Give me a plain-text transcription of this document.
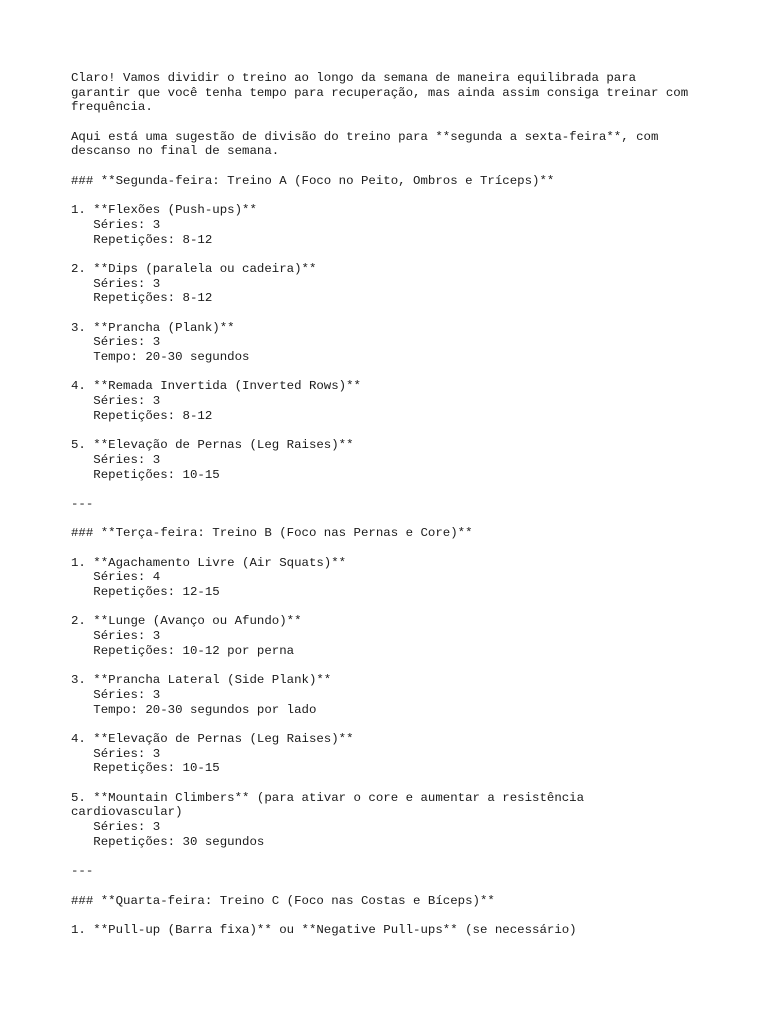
Claro! Vamos dividir o treino ao longo da semana de maneira equilibrada para
garantir que você tenha tempo para recuperação, mas ainda assim consiga treinar com
frequência.
Aqui está uma sugestão de divisão do treino para **segunda a sexta-feira**, com
descanso no final de semana.
### **Segunda-feira: Treino A (Foco no Peito, Ombros e Tríceps)**
1. **Flexões (Push-ups)**
Séries: 3
Repetições: 8-12
2. **Dips (paralela ou cadeira)**
Séries: 3
Repetições: 8-12
3. **Prancha (Plank)**
Séries: 3
Tempo: 20-30 segundos
4. **Remada Invertida (Inverted Rows)**
Séries: 3
Repetições: 8-12
5. **Elevação de Pernas (Leg Raises)**
Séries: 3
Repetições: 10-15
---
### **Terça-feira: Treino B (Foco nas Pernas e Core)**
1. **Agachamento Livre (Air Squats)**
Séries: 4
Repetições: 12-15
2. **Lunge (Avanço ou Afundo)**
Séries: 3
Repetições: 10-12 por perna
3. **Prancha Lateral (Side Plank)**
Séries: 3
Tempo: 20-30 segundos por lado
4. **Elevação de Pernas (Leg Raises)**
Séries: 3
Repetições: 10-15
5. **Mountain Climbers** (para ativar o core e aumentar a resistência
cardiovascular)
Séries: 3
Repetições: 30 segundos
---
### **Quarta-feira: Treino C (Foco nas Costas e Bíceps)**
1. **Pull-up (Barra fixa)** ou **Negative Pull-ups** (se necessário)
